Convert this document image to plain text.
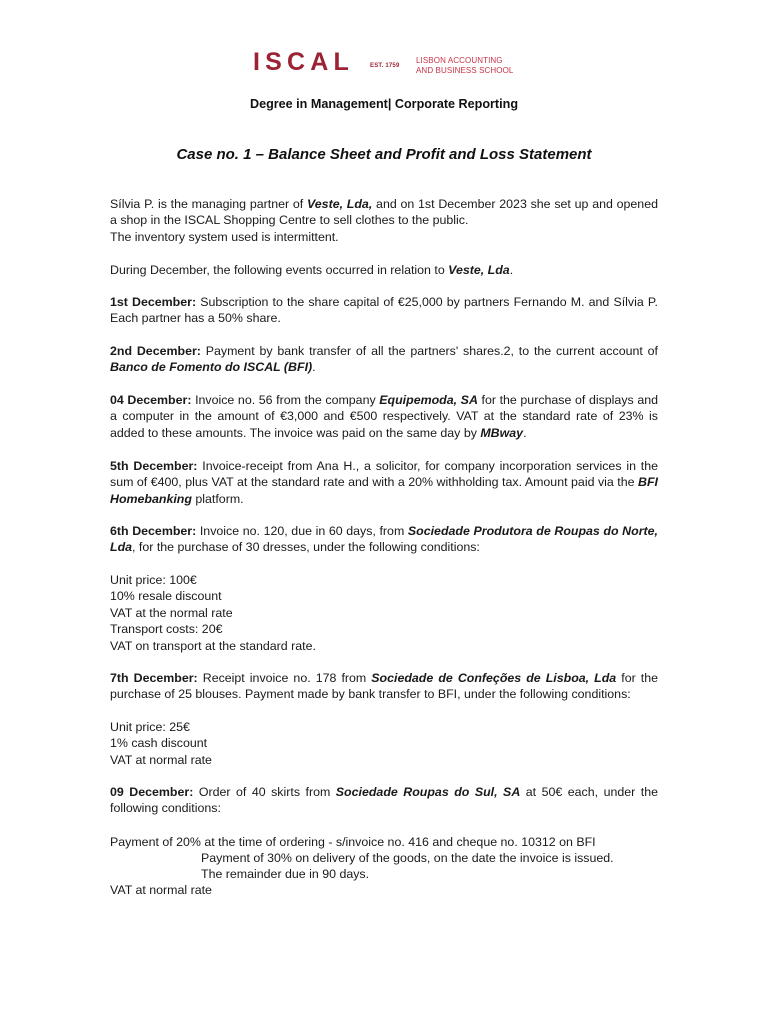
ISCAL	EST. 1759
LISBON ACCOUNTING
AND BUSINESS SCHOOL
Degree in Management| Corporate Reporting
Case no. 1 – Balance Sheet and Profit and Loss Statement

Sílvia P. is the managing partner of Veste, Lda, and on 1st December 2023 she set up and opened a shop in the ISCAL Shopping Centre to sell clothes to the public.
The inventory system used is intermittent.

During December, the following events occurred in relation to Veste, Lda.

1st December: Subscription to the share capital of €25,000 by partners Fernando M. and Sílvia P. Each partner has a 50% share.

2nd December: Payment by bank transfer of all the partners' shares.2, to the current account of Banco de Fomento do ISCAL (BFI).

04 December: Invoice no. 56 from the company Equipemoda, SA for the purchase of displays and a computer in the amount of €3,000 and €500 respectively. VAT at the standard rate of 23% is added to these amounts. The invoice was paid on the same day by MBway.

5th December: Invoice-receipt from Ana H., a solicitor, for company incorporation services in the sum of €400, plus VAT at the standard rate and with a 20% withholding tax. Amount paid via the BFI Homebanking platform.

6th December: Invoice no. 120, due in 60 days, from Sociedade Produtora de Roupas do Norte, Lda, for the purchase of 30 dresses, under the following conditions:

Unit price: 100€
10% resale discount
VAT at the normal rate
Transport costs: 20€
VAT on transport at the standard rate.

7th December: Receipt invoice no. 178 from Sociedade de Confeções de Lisboa, Lda for the purchase of 25 blouses. Payment made by bank transfer to BFI, under the following conditions:

Unit price: 25€
1% cash discount
VAT at normal rate

09 December: Order of 40 skirts from Sociedade Roupas do Sul, SA at 50€ each, under the following conditions:

Payment of 20% at the time of ordering - s/invoice no. 416 and cheque no. 10312 on BFI
Payment of 30% on delivery of the goods, on the date the invoice is issued.
The remainder due in 90 days.
VAT at normal rate
